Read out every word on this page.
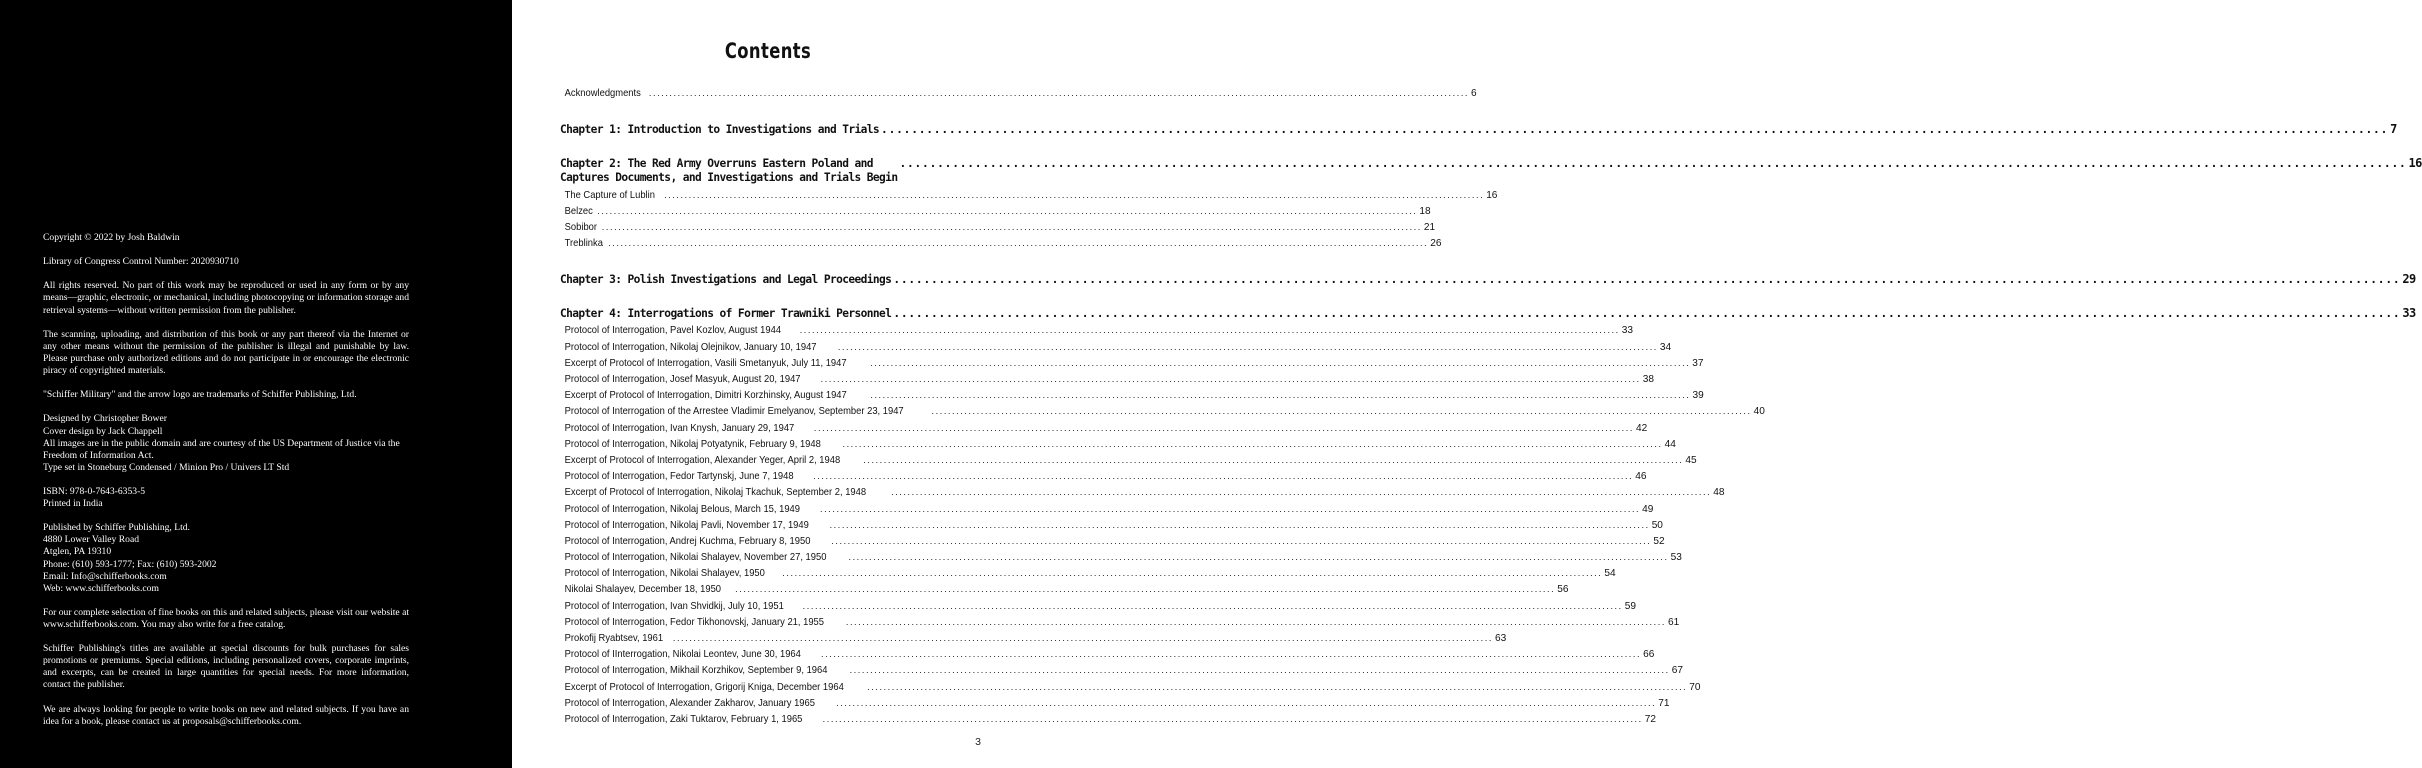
Copyright © 2022 by Josh Baldwin

Library of Congress Control Number: 2020930710

All rights reserved. No part of this work may be reproduced or used in any form or by any means—graphic, electronic, or mechanical, including photocopying or information storage and retrieval systems—without written permission from the publisher.

The scanning, uploading, and distribution of this book or any part thereof via the Internet or any other means without the permission of the publisher is illegal and punishable by law. Please purchase only authorized editions and do not participate in or encourage the electronic piracy of copyrighted materials.

"Schiffer Military" and the arrow logo are trademarks of Schiffer Publishing, Ltd.

Designed by Christopher Bower
Cover design by Jack Chappell
All images are in the public domain and are courtesy of the US Department of Justice via the Freedom of Information Act.
Type set in Stoneburg Condensed / Minion Pro / Univers LT Std

ISBN: 978-0-7643-6353-5
Printed in India

Published by Schiffer Publishing, Ltd.
4880 Lower Valley Road
Atglen, PA 19310
Phone: (610) 593-1777; Fax: (610) 593-2002
Email: Info@schifferbooks.com
Web: www.schifferbooks.com

For our complete selection of fine books on this and related subjects, please visit our website at www.schifferbooks.com. You may also write for a free catalog.

Schiffer Publishing's titles are available at special discounts for bulk purchases for sales promotions or premiums. Special editions, including personalized covers, corporate imprints, and excerpts, can be created in large quantities for special needs. For more information, contact the publisher.

We are always looking for people to write books on new and related subjects. If you have an idea for a book, please contact us at proposals@schifferbooks.com.

Contents
Acknowledgments ........................................................................................................................................................................................................ 6
Chapter 1: Introduction to Investigations and Trials ........................................................................................................................................................................................................ 7
Chapter 2: The Red Army Overruns Eastern Poland and
Captures Documents, and Investigations and Trials Begin
........................................................................................................................................................................................................ 16
The Capture of Lublin ........................................................................................................................................................................................................ 16
Belzec ........................................................................................................................................................................................................ 18
Sobibor ........................................................................................................................................................................................................ 21
Treblinka ........................................................................................................................................................................................................ 26
Chapter 3: Polish Investigations and Legal Proceedings ........................................................................................................................................................................................................ 29
Chapter 4: Interrogations of Former Trawniki Personnel ........................................................................................................................................................................................................ 33
Protocol of Interrogation, Pavel Kozlov, August 1944 ........................................................................................................................................................................................................ 33
Protocol of Interrogation, Nikolaj Olejnikov, January 10, 1947 ........................................................................................................................................................................................................ 34
Excerpt of Protocol of Interrogation, Vasili Smetanyuk, July 11, 1947	........................................................................................................................................................................................................ 37
Protocol of Interrogation, Josef Masyuk, August 20, 1947 ........................................................................................................................................................................................................ 38
Excerpt of Protocol of Interrogation, Dimitri Korzhinsky, August 1947	........................................................................................................................................................................................................ 39
Protocol of Interrogation of the Arrestee Vladimir Emelyanov, September 23, 1947	........................................................................................................................................................................................................ 40
Protocol of Interrogation, Ivan Knysh, January 29, 1947 ........................................................................................................................................................................................................ 42
Protocol of Interrogation, Nikolaj Potyatynik, February 9, 1948 ........................................................................................................................................................................................................ 44
Excerpt of Protocol of Interrogation, Alexander Yeger, April 2, 1948	........................................................................................................................................................................................................ 45
Protocol of Interrogation, Fedor Tartynskj, June 7, 1948 ........................................................................................................................................................................................................ 46
Excerpt of Protocol of Interrogation, Nikolaj Tkachuk, September 2, 1948	........................................................................................................................................................................................................ 48
Protocol of Interrogation, Nikolaj Belous, March 15, 1949 ........................................................................................................................................................................................................ 49
Protocol of Interrogation, Nikolaj Pavli, November 17, 1949 ........................................................................................................................................................................................................ 50
Protocol of Interrogation, Andrej Kuchma, February 8, 1950 ........................................................................................................................................................................................................ 52
Protocol of Interrogation, Nikolai Shalayev, November 27, 1950 ........................................................................................................................................................................................................ 53
Protocol of Interrogation, Nikolai Shalayev, 1950 ........................................................................................................................................................................................................ 54
Nikolai Shalayev, December 18, 1950 ........................................................................................................................................................................................................ 56
Protocol of Interrogation, Ivan Shvidkij, July 10, 1951 ........................................................................................................................................................................................................ 59
Protocol of Interrogation, Fedor Tikhonovskj, January 21, 1955 ........................................................................................................................................................................................................ 61
Prokofij Ryabtsev, 1961 ........................................................................................................................................................................................................ 63
Protocol of IInterrogation, Nikolai Leontev, June 30, 1964 ........................................................................................................................................................................................................ 66
Protocol of Interrogation, Mikhail Korzhikov, September 9, 1964 ........................................................................................................................................................................................................ 67
Excerpt of Protocol of Interrogation, Grigorij Kniga, December 1964	........................................................................................................................................................................................................ 70
Protocol of Interrogation, Alexander Zakharov, January 1965 ........................................................................................................................................................................................................ 71
Protocol of Interrogation, Zaki Tuktarov, February 1, 1965 ........................................................................................................................................................................................................ 72
3
